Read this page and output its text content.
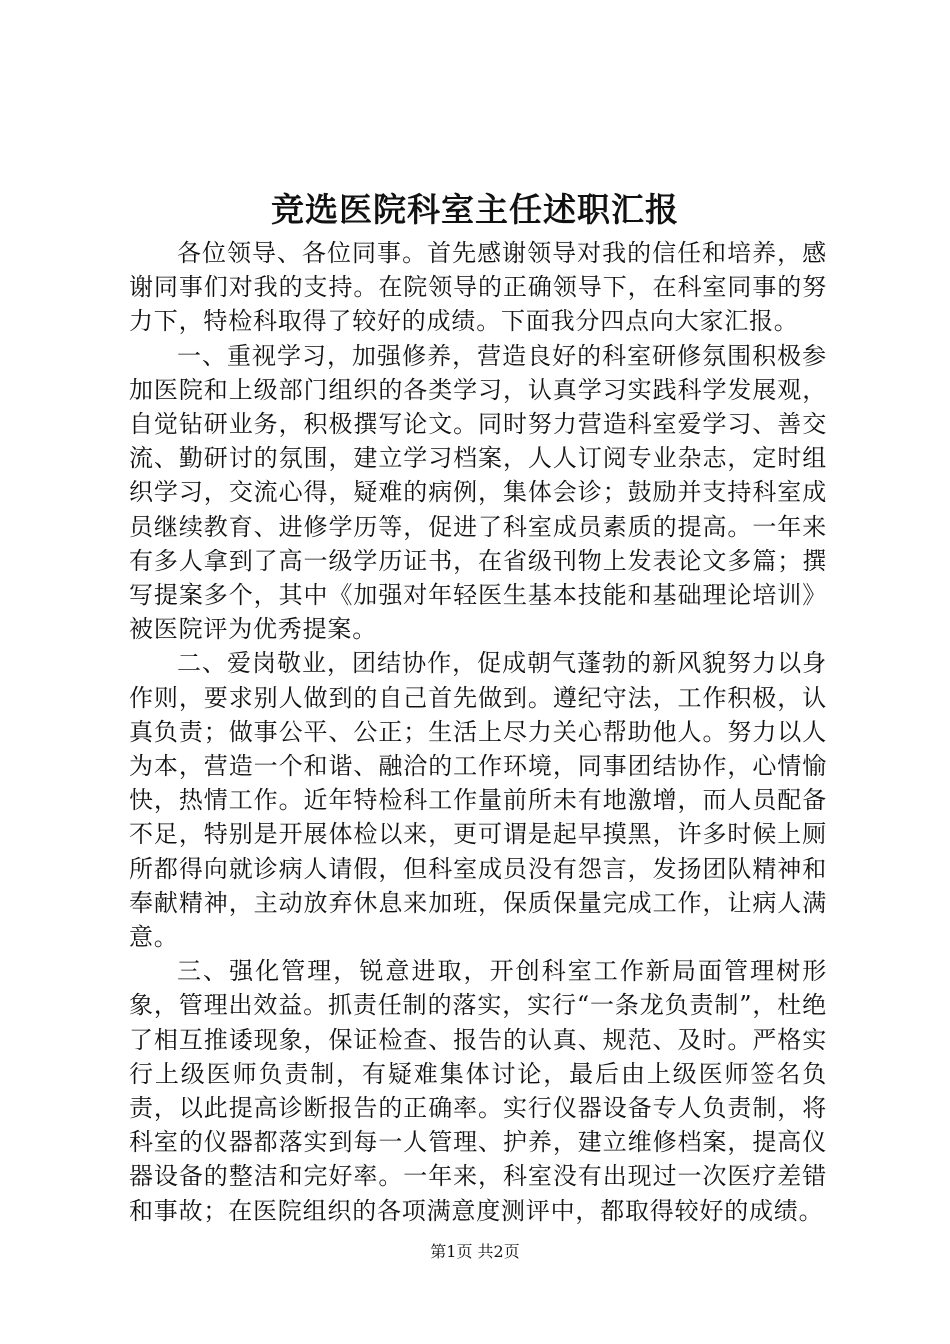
竞选医院科室主任述职汇报

各位领导、各位同事。首先感谢领导对我的信任和培养，感谢同事们对我的支持。在院领导的正确领导下，在科室同事的努力下，特检科取得了较好的成绩。下面我分四点向大家汇报。

一、重视学习，加强修养，营造良好的科室研修氛围积极参加医院和上级部门组织的各类学习，认真学习实践科学发展观，自觉钻研业务，积极撰写论文。同时努力营造科室爱学习、善交流、勤研讨的氛围，建立学习档案，人人订阅专业杂志，定时组织学习，交流心得，疑难的病例，集体会诊；鼓励并支持科室成员继续教育、进修学历等，促进了科室成员素质的提高。一年来有多人拿到了高一级学历证书，在省级刊物上发表论文多篇；撰写提案多个，其中《加强对年轻医生基本技能和基础理论培训》被医院评为优秀提案。

二、爱岗敬业，团结协作，促成朝气蓬勃的新风貌努力以身作则，要求别人做到的自己首先做到。遵纪守法，工作积极，认真负责；做事公平、公正；生活上尽力关心帮助他人。努力以人为本，营造一个和谐、融洽的工作环境，同事团结协作，心情愉快，热情工作。近年特检科工作量前所未有地激增，而人员配备不足，特别是开展体检以来，更可谓是起早摸黑，许多时候上厕所都得向就诊病人请假，但科室成员没有怨言，发扬团队精神和奉献精神，主动放弃休息来加班，保质保量完成工作，让病人满意。

三、强化管理，锐意进取，开创科室工作新局面管理树形象，管理出效益。抓责任制的落实，实行“一条龙负责制”，杜绝了相互推诿现象，保证检查、报告的认真、规范、及时。严格实行上级医师负责制，有疑难集体讨论，最后由上级医师签名负责，以此提高诊断报告的正确率。实行仪器设备专人负责制，将科室的仪器都落实到每一人管理、护养，建立维修档案，提高仪器设备的整洁和完好率。一年来，科室没有出现过一次医疗差错和事故；在医院组织的各项满意度测评中，都取得较好的成绩。

第1页 共2页
